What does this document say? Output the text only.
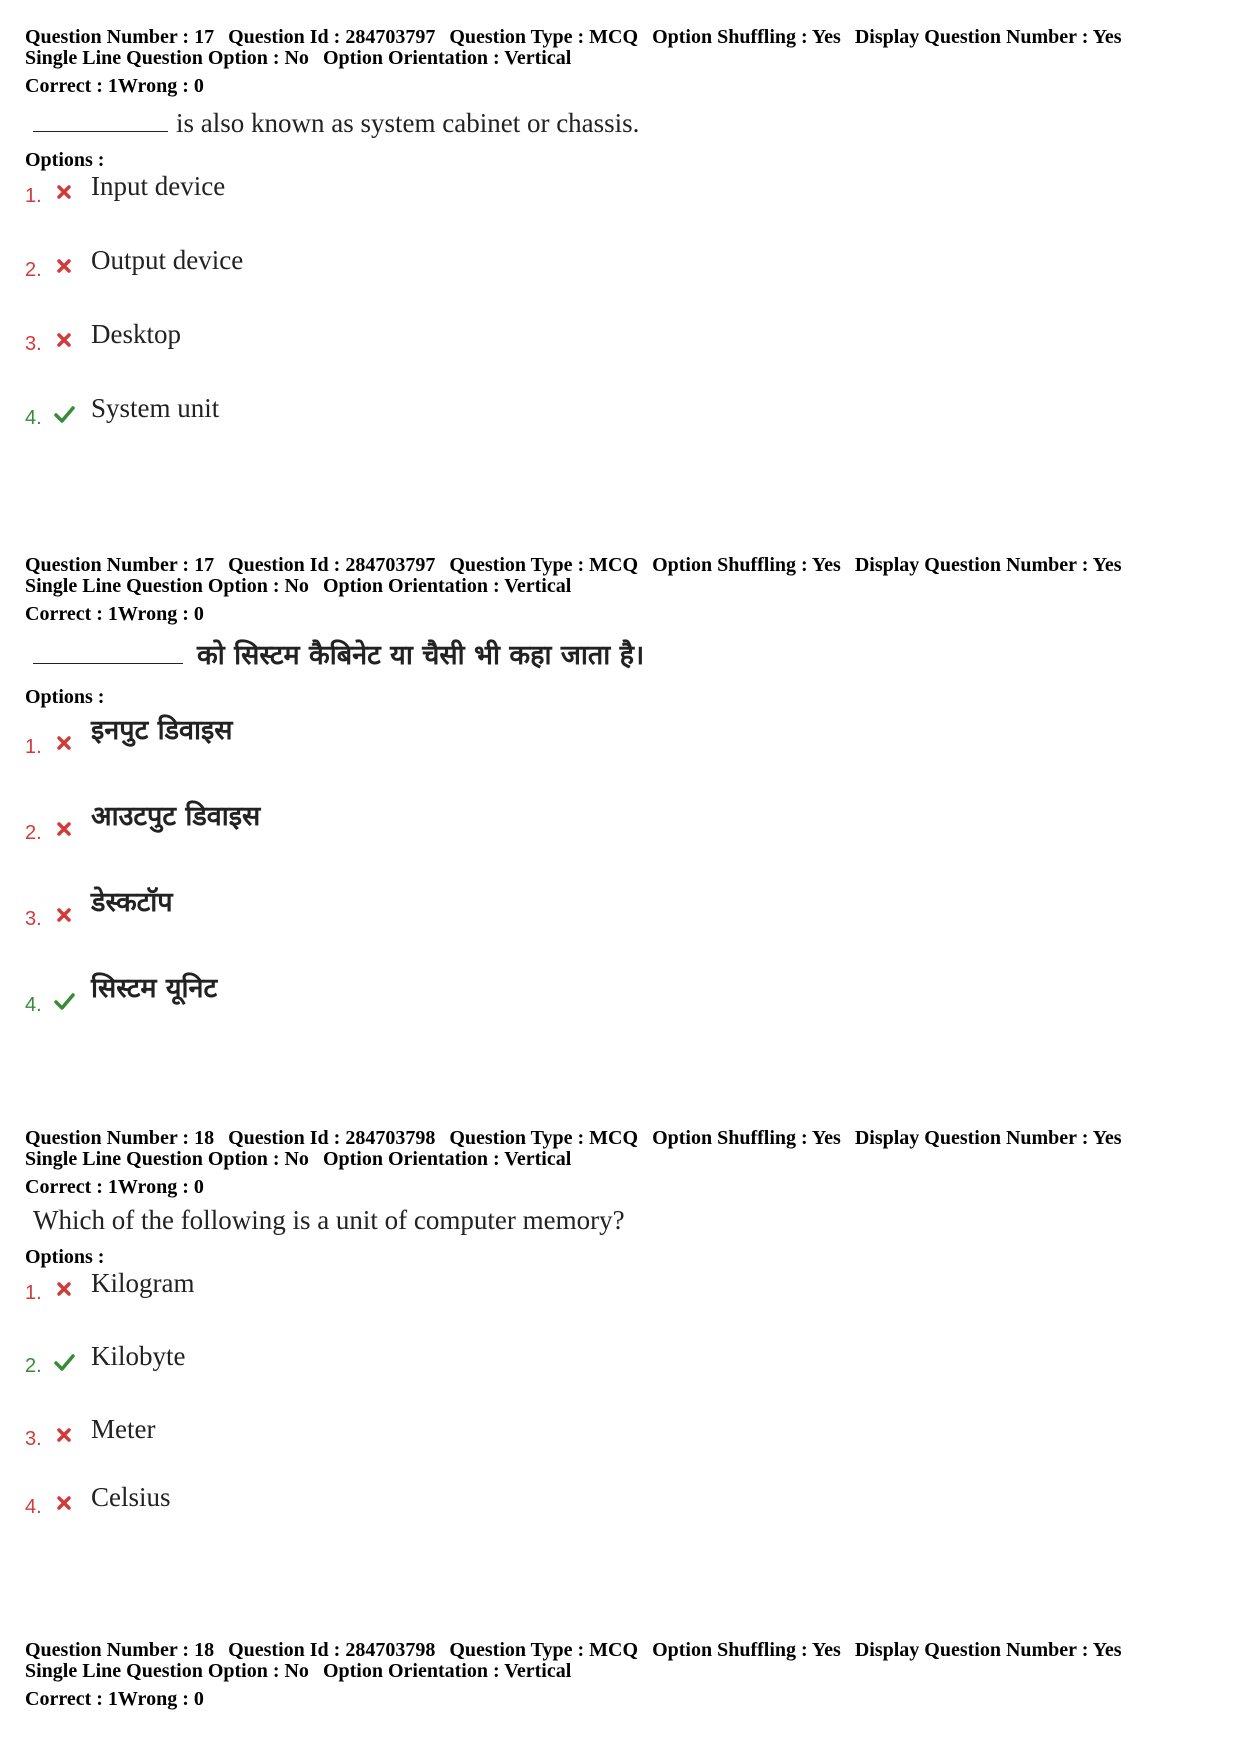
Question Number : 17 Question Id : 284703797 Question Type : MCQ Option Shuffling : Yes Display Question Number : Yes
Single Line Question Option : No Option Orientation : Vertical
Correct : 1Wrong : 0
is also known as system cabinet or chassis.
Options :
1. Input device
2. Output device
3. Desktop
4. System unit
Question Number : 17 Question Id : 284703797 Question Type : MCQ Option Shuffling : Yes Display Question Number : Yes
Single Line Question Option : No Option Orientation : Vertical
Correct : 1Wrong : 0
को सिस्टम कैबिनेट या चैसी भी कहा जाता है।
Options :
1.
इनपुट डिवाइस
2.
आउटपुट डिवाइस
3.
डेस्कटॉप
4.
सिस्टम यूनिट
Question Number : 18 Question Id : 284703798 Question Type : MCQ Option Shuffling : Yes Display Question Number : Yes
Single Line Question Option : No Option Orientation : Vertical
Correct : 1Wrong : 0
Which of the following is a unit of computer memory?
Options :
1. Kilogram
2. Kilobyte
3. Meter
4. Celsius
Question Number : 18 Question Id : 284703798 Question Type : MCQ Option Shuffling : Yes Display Question Number : Yes
Single Line Question Option : No Option Orientation : Vertical
Correct : 1Wrong : 0
